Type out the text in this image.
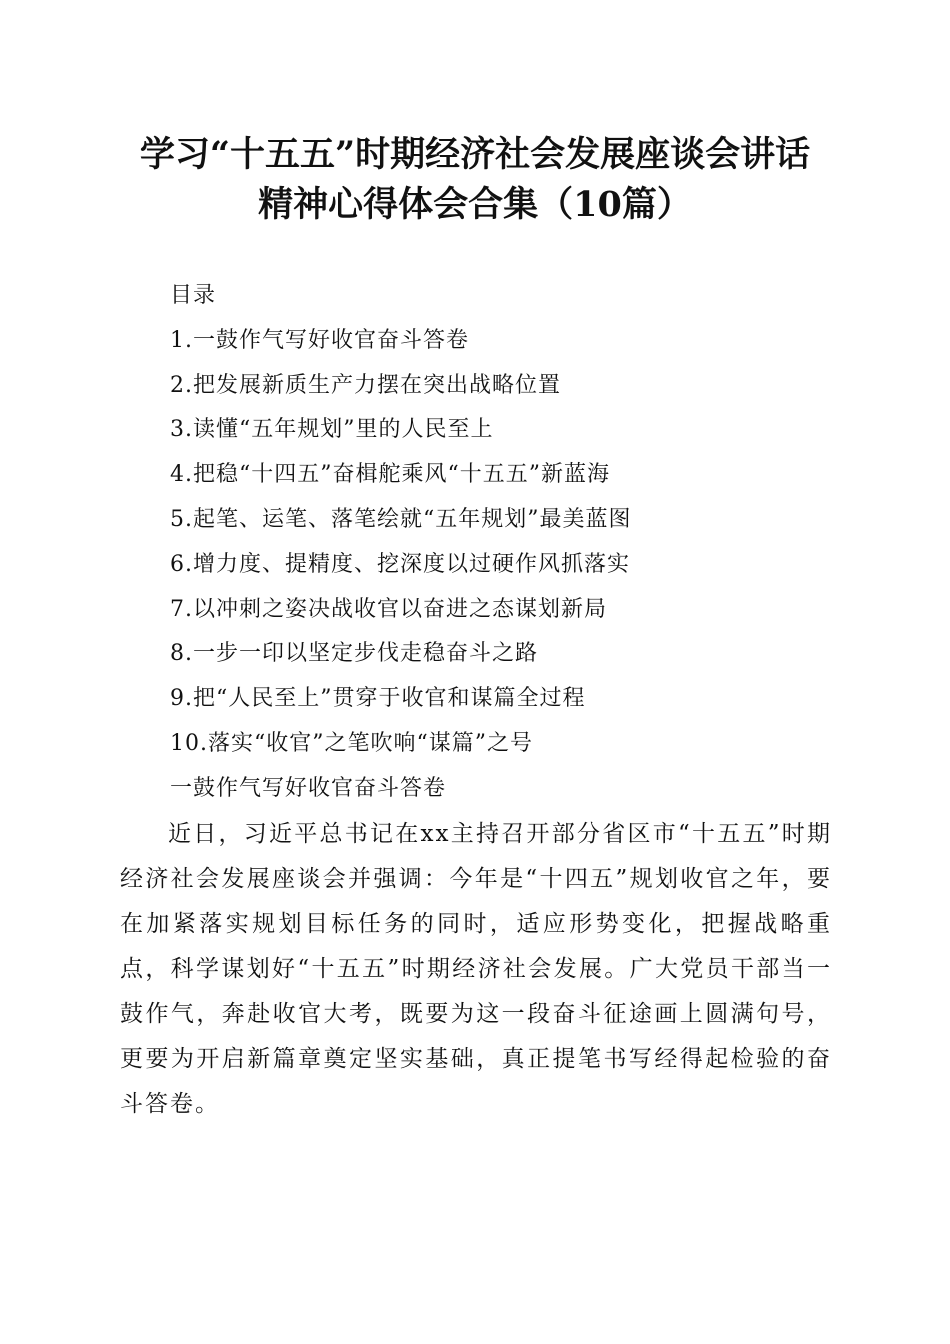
学习“十五五”时期经济社会发展座谈会讲话
精神心得体会合集（10篇）
目录
1.一鼓作气写好收官奋斗答卷
2.把发展新质生产力摆在突出战略位置
3.读懂“五年规划”里的人民至上
4.把稳“十四五”奋楫舵乘风“十五五”新蓝海
5.起笔、运笔、落笔绘就“五年规划”最美蓝图
6.增力度、提精度、挖深度以过硬作风抓落实
7.以冲刺之姿决战收官以奋进之态谋划新局
8.一步一印以坚定步伐走稳奋斗之路
9.把“人民至上”贯穿于收官和谋篇全过程
10.落实“收官”之笔吹响“谋篇”之号
一鼓作气写好收官奋斗答卷

近日，习近平总书记在xx主持召开部分省区市“十五五”时期经济社会发展座谈会并强调：今年是“十四五”规划收官之年，要在加紧落实规划目标任务的同时，适应形势变化，把握战略重点，科学谋划好“十五五”时期经济社会发展。广大党员干部当一鼓作气，奔赴收官大考，既要为这一段奋斗征途画上圆满句号，更要为开启新篇章奠定坚实基础，真正提笔书写经得起检验的奋斗答卷。
